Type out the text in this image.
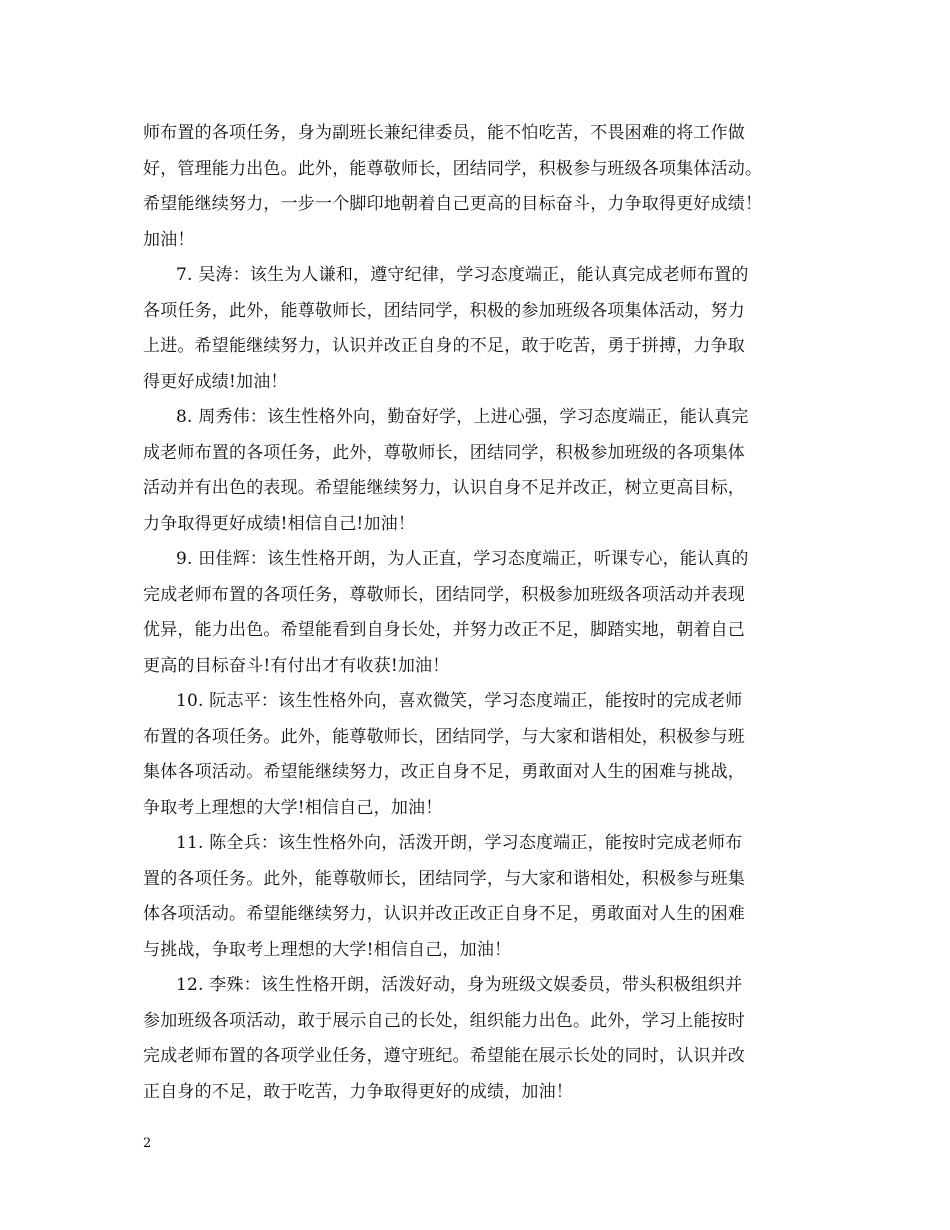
师布置的各项任务，身为副班长兼纪律委员，能不怕吃苦，不畏困难的将工作做
好，管理能力出色。此外，能尊敬师长，团结同学，积极参与班级各项集体活动。
希望能继续努力，一步一个脚印地朝着自己更高的目标奋斗，力争取得更好成绩！
加油！
7. 吴涛：该生为人谦和，遵守纪律，学习态度端正，能认真完成老师布置的
各项任务，此外，能尊敬师长，团结同学，积极的参加班级各项集体活动，努力
上进。希望能继续努力，认识并改正自身的不足，敢于吃苦，勇于拼搏，力争取
得更好成绩!加油！
8. 周秀伟：该生性格外向，勤奋好学，上进心强，学习态度端正，能认真完
成老师布置的各项任务，此外，尊敬师长，团结同学，积极参加班级的各项集体
活动并有出色的表现。希望能继续努力，认识自身不足并改正，树立更高目标，
力争取得更好成绩!相信自己!加油！
9. 田佳辉：该生性格开朗，为人正直，学习态度端正，听课专心，能认真的
完成老师布置的各项任务，尊敬师长，团结同学，积极参加班级各项活动并表现
优异，能力出色。希望能看到自身长处，并努力改正不足，脚踏实地，朝着自己
更高的目标奋斗!有付出才有收获!加油！
10. 阮志平：该生性格外向，喜欢微笑，学习态度端正，能按时的完成老师
布置的各项任务。此外，能尊敬师长，团结同学，与大家和谐相处，积极参与班
集体各项活动。希望能继续努力，改正自身不足，勇敢面对人生的困难与挑战，
争取考上理想的大学!相信自己，加油！
11. 陈全兵：该生性格外向，活泼开朗，学习态度端正，能按时完成老师布
置的各项任务。此外，能尊敬师长，团结同学，与大家和谐相处，积极参与班集
体各项活动。希望能继续努力，认识并改正改正自身不足，勇敢面对人生的困难
与挑战，争取考上理想的大学!相信自己，加油！
12. 李殊：该生性格开朗，活泼好动，身为班级文娱委员，带头积极组织并
参加班级各项活动，敢于展示自己的长处，组织能力出色。此外，学习上能按时
完成老师布置的各项学业任务，遵守班纪。希望能在展示长处的同时，认识并改
正自身的不足，敢于吃苦，力争取得更好的成绩，加油！
2
